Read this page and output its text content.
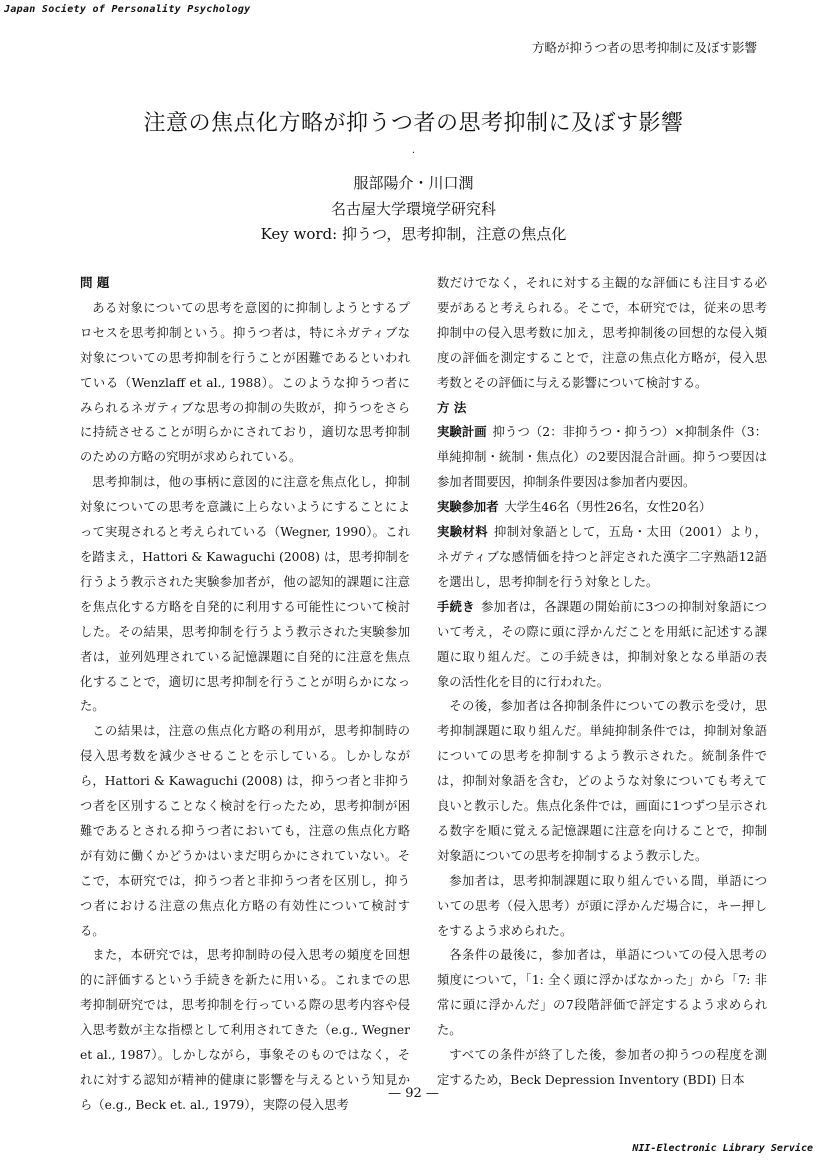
Japan Society of Personality Psychology
方略が抑うつ者の思考抑制に及ぼす影響
注意の焦点化方略が抑うつ者の思考抑制に及ぼす影響
.
服部陽介・川口潤
名古屋大学環境学研究科
Key word: 抑うつ，思考抑制，注意の焦点化

問 題

ある対象についての思考を意図的に抑制しようとするプロセスを思考抑制という。抑うつ者は，特にネガティブな対象についての思考抑制を行うことが困難であるといわれている（Wenzlaff et al., 1988）。このような抑うつ者にみられるネガティブな思考の抑制の失敗が，抑うつをさらに持続させることが明らかにされており，適切な思考抑制のための方略の究明が求められている。

思考抑制は，他の事柄に意図的に注意を焦点化し，抑制対象についての思考を意識に上らないようにすることによって実現されると考えられている（Wegner, 1990）。これを踏まえ，Hattori & Kawaguchi (2008) は，思考抑制を行うよう教示された実験参加者が，他の認知的課題に注意を焦点化する方略を自発的に利用する可能性について検討した。その結果，思考抑制を行うよう教示された実験参加者は，並列処理されている記憶課題に自発的に注意を焦点化することで，適切に思考抑制を行うことが明らかになった。

この結果は，注意の焦点化方略の利用が，思考抑制時の侵入思考数を減少させることを示している。しかしながら，Hattori & Kawaguchi (2008) は，抑うつ者と非抑うつ者を区別することなく検討を行ったため，思考抑制が困難であるとされる抑うつ者においても，注意の焦点化方略が有効に働くかどうかはいまだ明らかにされていない。そこで，本研究では，抑うつ者と非抑うつ者を区別し，抑うつ者における注意の焦点化方略の有効性について検討する。

また，本研究では，思考抑制時の侵入思考の頻度を回想的に評価するという手続きを新たに用いる。これまでの思考抑制研究では，思考抑制を行っている際の思考内容や侵入思考数が主な指標として利用されてきた（e.g., Wegner et al., 1987）。しかしながら，事象そのものではなく，それに対する認知が精神的健康に影響を与えるという知見から（e.g., Beck et. al., 1979），実際の侵入思考

数だけでなく，それに対する主観的な評価にも注目する必要があると考えられる。そこで，本研究では，従来の思考抑制中の侵入思考数に加え，思考抑制後の回想的な侵入頻度の評価を測定することで，注意の焦点化方略が，侵入思考数とその評価に与える影響について検討する。

方 法

実験計画 抑うつ（2：非抑うつ・抑うつ）×抑制条件（3：単純抑制・統制・焦点化）の2要因混合計画。抑うつ要因は参加者間要因，抑制条件要因は参加者内要因。

実験参加者 大学生46名（男性26名，女性20名）

実験材料 抑制対象語として，五島・太田（2001）より，ネガティブな感情価を持つと評定された漢字二字熟語12語を選出し，思考抑制を行う対象とした。

手続き 参加者は，各課題の開始前に3つの抑制対象語について考え，その際に頭に浮かんだことを用紙に記述する課題に取り組んだ。この手続きは，抑制対象となる単語の表象の活性化を目的に行われた。

その後，参加者は各抑制条件についての教示を受け，思考抑制課題に取り組んだ。単純抑制条件では，抑制対象語についての思考を抑制するよう教示された。統制条件では，抑制対象語を含む，どのような対象についても考えて良いと教示した。焦点化条件では，画面に1つずつ呈示される数字を順に覚える記憶課題に注意を向けることで，抑制対象語についての思考を抑制するよう教示した。

参加者は，思考抑制課題に取り組んでいる間，単語についての思考（侵入思考）が頭に浮かんだ場合に，キー押しをするよう求められた。

各条件の最後に，参加者は，単語についての侵入思考の頻度について，「1: 全く頭に浮かばなかった」から「7: 非常に頭に浮かんだ」の7段階評価で評定するよう求められた。

すべての条件が終了した後，参加者の抑うつの程度を測定するため，Beck Depression Inventory (BDI) 日本

— 92 —
NII-Electronic Library Service
